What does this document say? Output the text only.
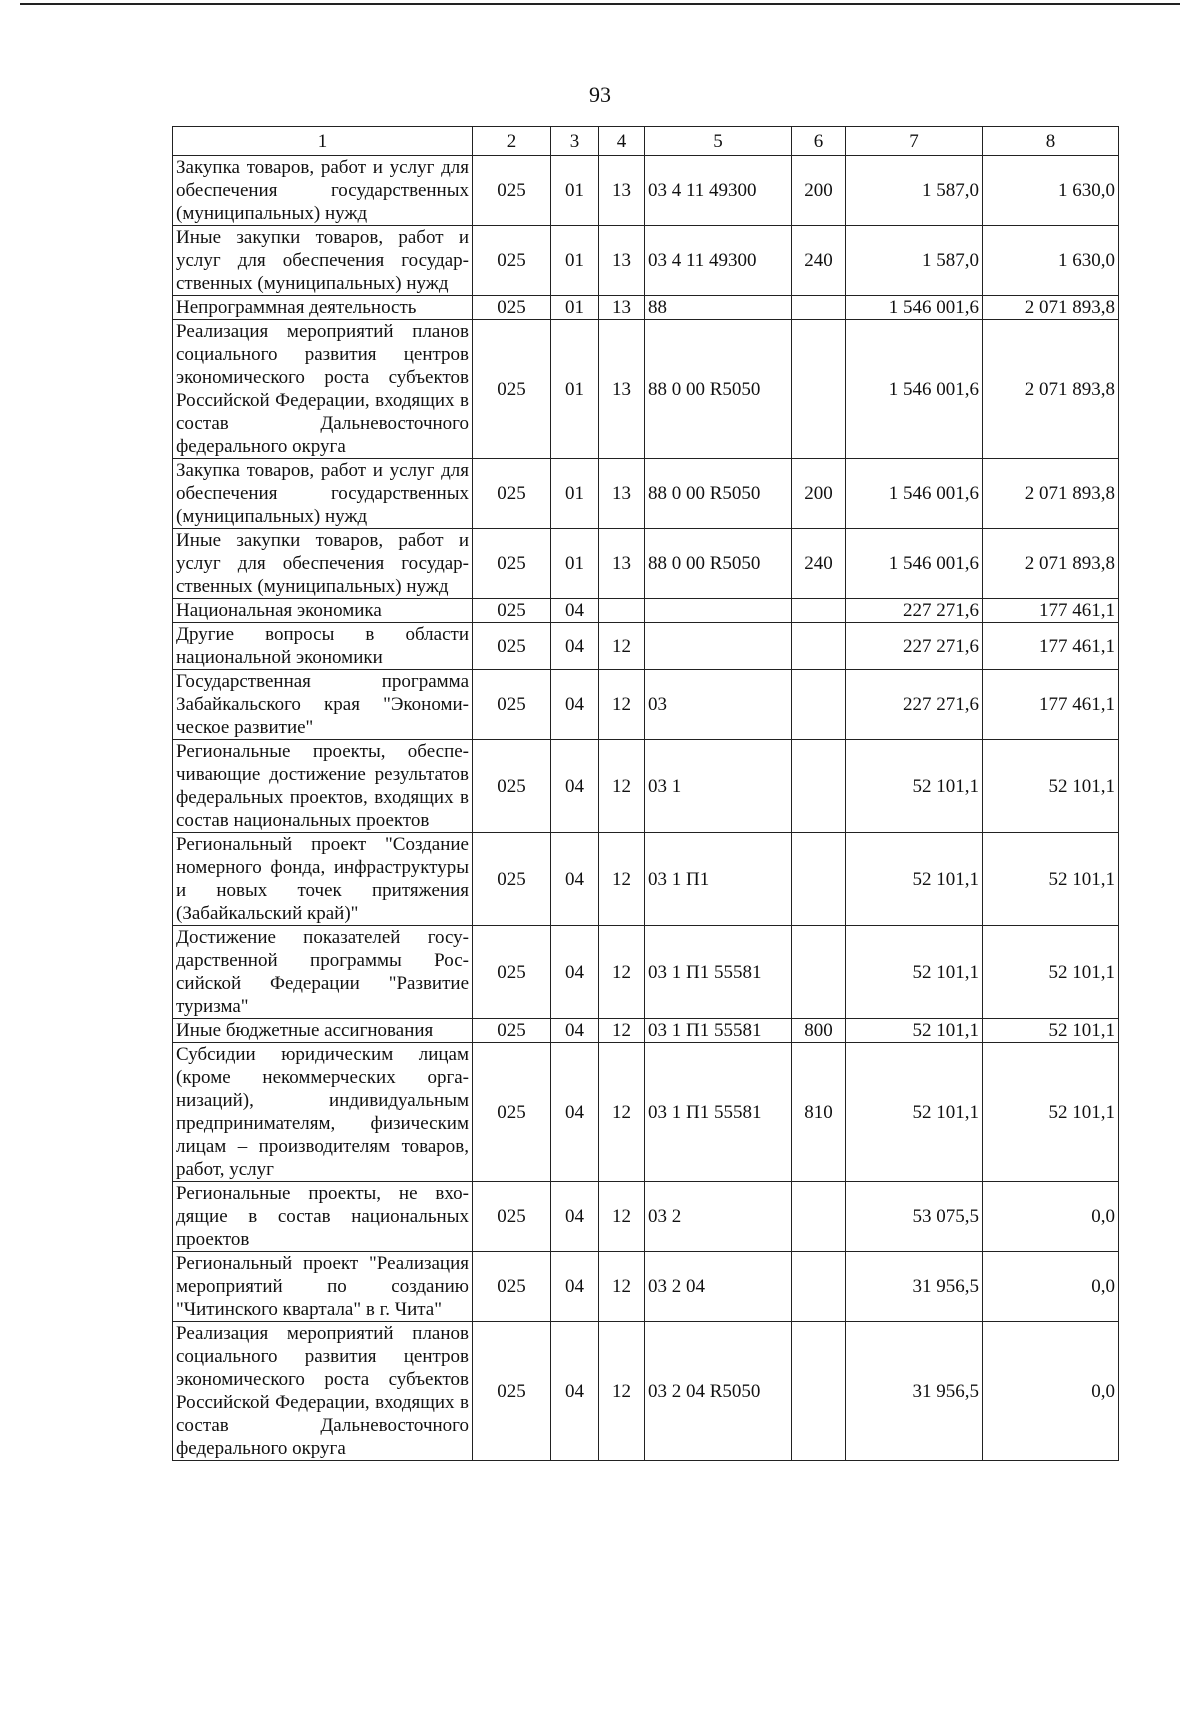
93
1	2	3	4	5	6	7	8
Закупка товаров, работ и услуг для обеспечения государственных (муниципальных) нужд	025	01	13	03 4 11 49300	200	1 587,0	1 630,0
Иные закупки товаров, работ и услуг для обеспечения государственных (муниципальных) нужд	025	01	13	03 4 11 49300	240	1 587,0	1 630,0
Непрограммная деятельность	025	01	13	88		1 546 001,6	2 071 893,8
Реализация мероприятий планов социального развития центров экономического роста субъектов Российской Федерации, входящих в состав Дальневосточного федерального округа	025	01	13	88 0 00 R5050		1 546 001,6	2 071 893,8
Закупка товаров, работ и услуг для обеспечения государственных (муниципальных) нужд	025	01	13	88 0 00 R5050	200	1 546 001,6	2 071 893,8
Иные закупки товаров, работ и услуг для обеспечения государственных (муниципальных) нужд	025	01	13	88 0 00 R5050	240	1 546 001,6	2 071 893,8
Национальная экономика	025	04				227 271,6	177 461,1
Другие вопросы в области национальной экономики	025	04	12			227 271,6	177 461,1
Государственная программа Забайкальского края "Экономическое развитие"	025	04	12	03		227 271,6	177 461,1
Региональные проекты, обеспечивающие достижение результатов федеральных проектов, входящих в состав национальных проектов	025	04	12	03 1		52 101,1	52 101,1
Региональный проект "Создание номерного фонда, инфраструктуры и новых точек притяжения (Забайкальский край)"	025	04	12	03 1 П1		52 101,1	52 101,1
Достижение показателей государственной программы Российской Федерации "Развитие туризма"	025	04	12	03 1 П1 55581		52 101,1	52 101,1
Иные бюджетные ассигнования	025	04	12	03 1 П1 55581	800	52 101,1	52 101,1
Субсидии юридическим лицам (кроме некоммерческих организаций), индивидуальным предпринимателям, физическим лицам – производителям товаров, работ, услуг	025	04	12	03 1 П1 55581	810	52 101,1	52 101,1
Региональные проекты, не входящие в состав национальных проектов	025	04	12	03 2		53 075,5	0,0
Региональный проект "Реализация мероприятий по созданию "Читинского квартала" в г. Чита"	025	04	12	03 2 04		31 956,5	0,0
Реализация мероприятий планов социального развития центров экономического роста субъектов Российской Федерации, входящих в состав Дальневосточного федерального округа	025	04	12	03 2 04 R5050		31 956,5	0,0
